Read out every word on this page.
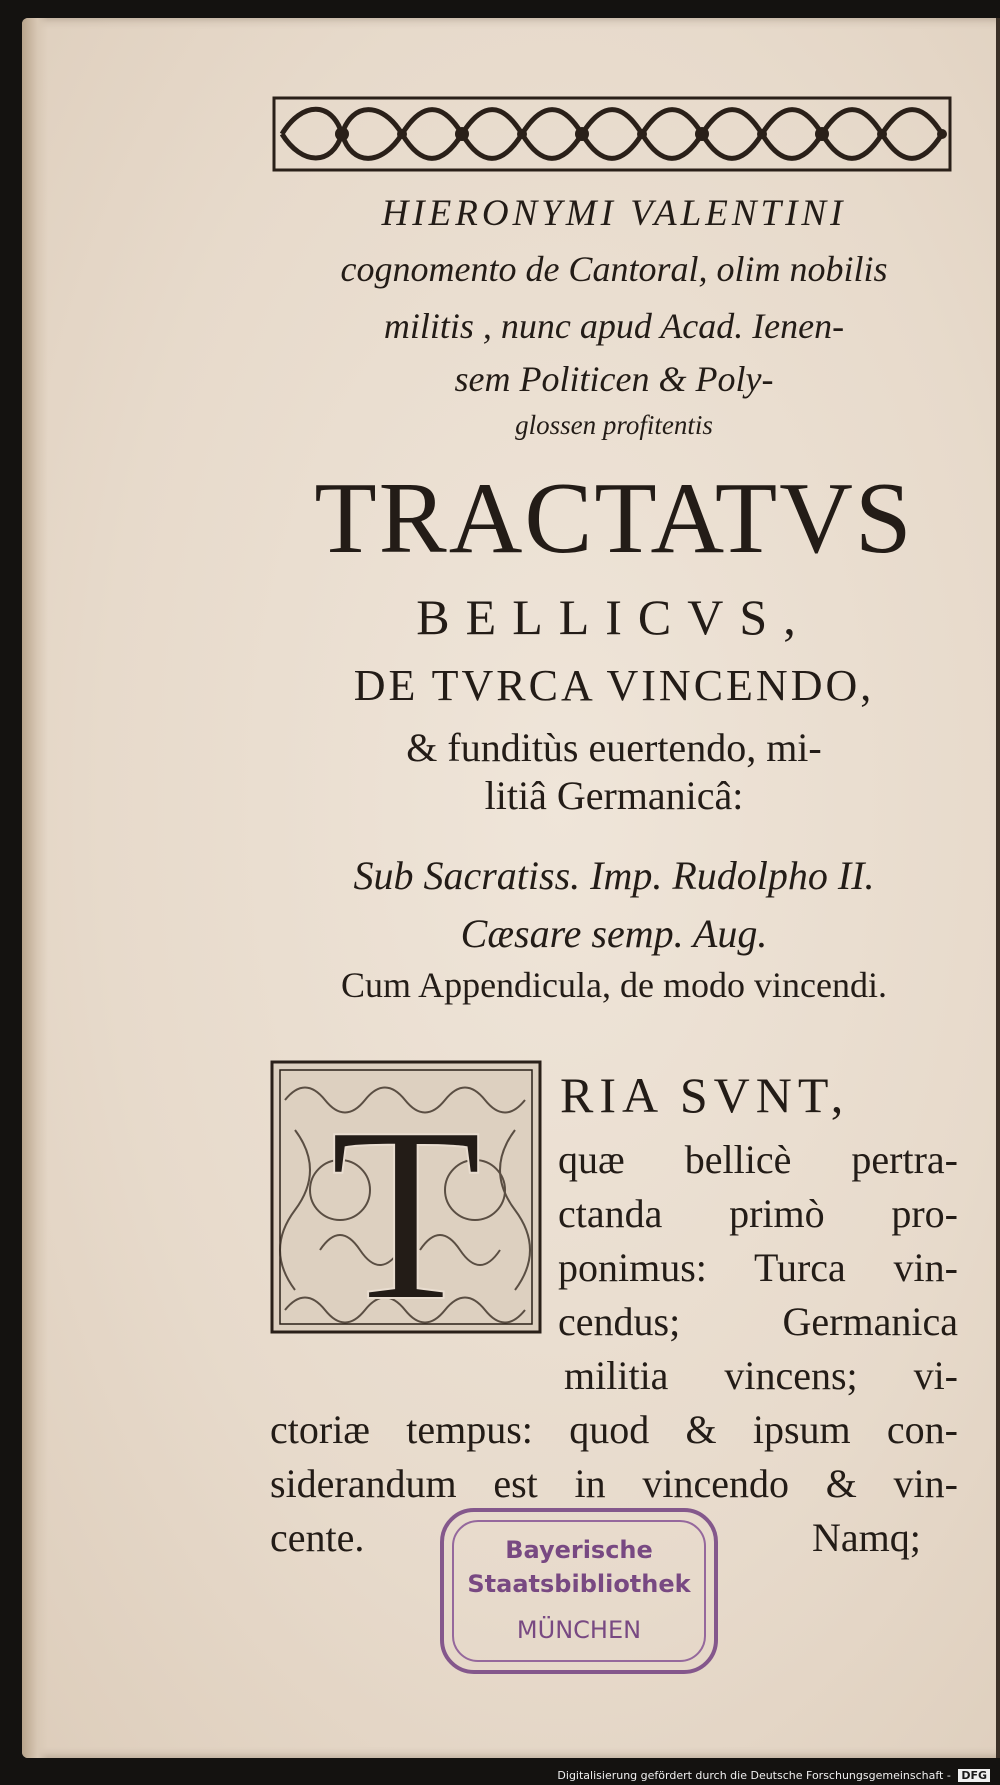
HIERONYMI VALENTINI
cognomento de Cantoral, olim nobilis
militis , nunc apud Acad. Ienen-
sem Politicen & Poly-
glossen profitentis
TRACTATVS
BELLICVS,
DE TVRCA VINCENDO,
& funditùs euertendo, mi-
litiâ Germanicâ:
Sub Sacratiss. Imp. Rudolpho II.
Cæsare semp. Aug.
Cum Appendicula, de modo vincendi.
T RIA SVNT,
quæ bellicè pertra-
ctanda primò pro-
ponimus: Turca vin-
cendus; Germanica
militia vincens; vi-
ctoriæ tempus: quod & ipsum con-
siderandum est in vincendo & vin-
cente.	Namq;
Bayerische
Staatsbibliothek
MÜNCHEN
Digitalisierung gefördert durch die Deutsche Forschungsgemeinschaft - DFG
